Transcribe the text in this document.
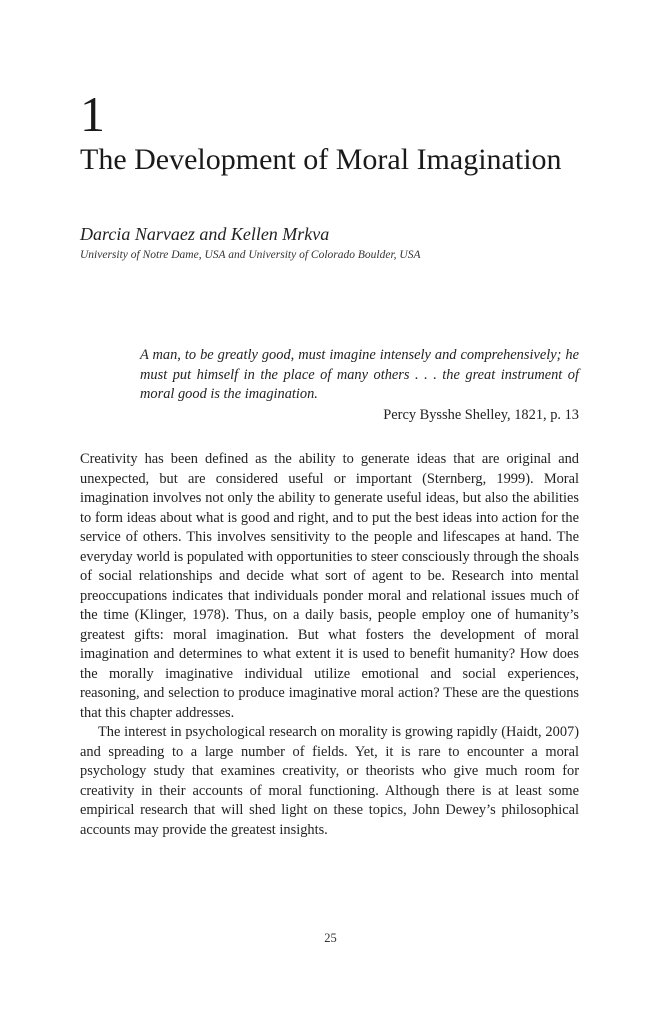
1
The Development of Moral Imagination
Darcia Narvaez and Kellen Mrkva
University of Notre Dame, USA and University of Colorado Boulder, USA
A man, to be greatly good, must imagine intensely and comprehensively; he must put himself in the place of many others . . . the great instrument of moral good is the imagination.
Percy Bysshe Shelley, 1821, p. 13

Creativity has been defined as the ability to generate ideas that are original and unexpected, but are considered useful or important (Sternberg, 1999). Moral imagination involves not only the ability to generate useful ideas, but also the abilities to form ideas about what is good and right, and to put the best ideas into action for the service of others. This involves sensitivity to the people and lifescapes at hand. The everyday world is populated with opportunities to steer consciously through the shoals of social relationships and decide what sort of agent to be. Research into mental preoccupations indicates that individuals ponder moral and relational issues much of the time (Klinger, 1978). Thus, on a daily basis, people employ one of humanity’s greatest gifts: moral imagination. But what fosters the development of moral imagination and determines to what extent it is used to benefit humanity? How does the morally imaginative individual utilize emotional and social experiences, reasoning, and selection to produce imaginative moral action? These are the questions that this chapter addresses.

The interest in psychological research on morality is growing rapidly (Haidt, 2007) and spreading to a large number of fields. Yet, it is rare to encounter a moral psychology study that examines creativity, or theorists who give much room for creativity in their accounts of moral functioning. Although there is at least some empirical research that will shed light on these topics, John Dewey’s philosophical accounts may provide the greatest insights.

25
